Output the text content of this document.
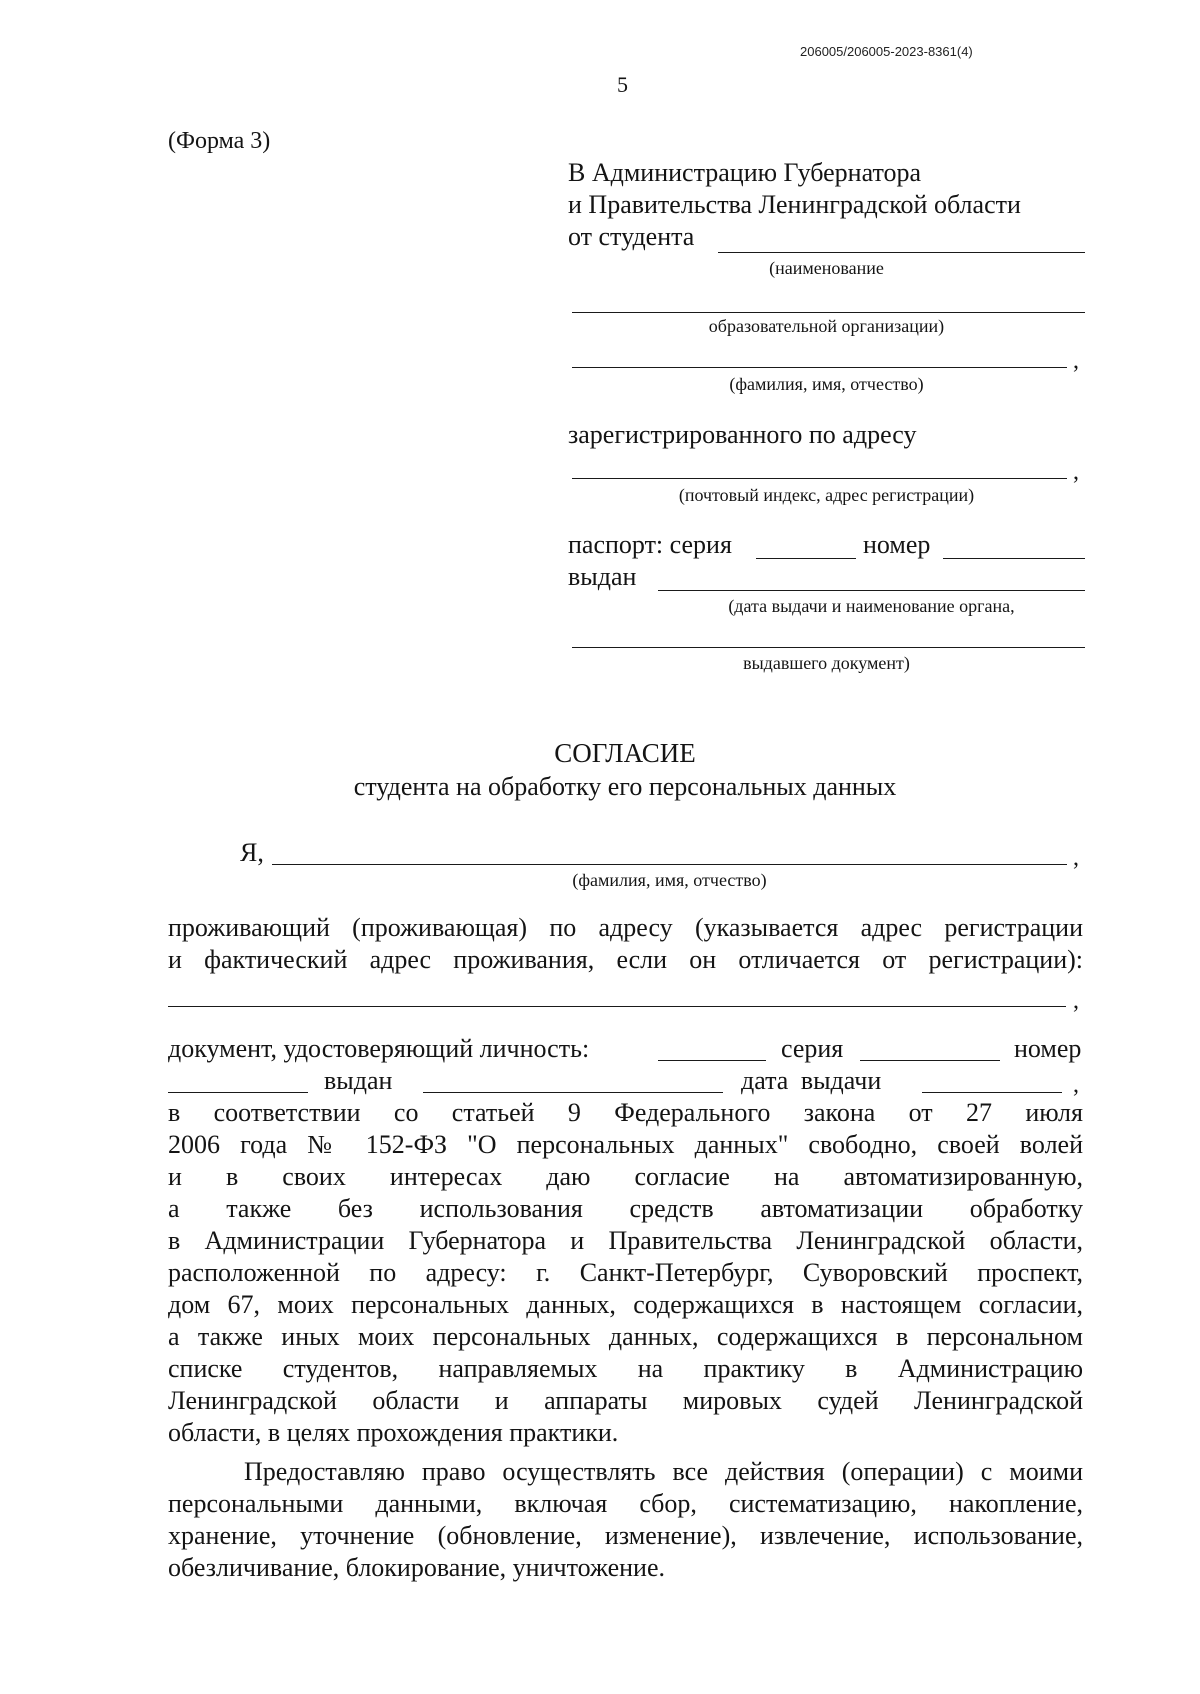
206005/206005-2023-8361(4)
5
(Форма 3)
В Администрацию Губернатора
и Правительства Ленинградской области
от студента
(наименование
образовательной организации)
,
(фамилия, имя, отчество)
зарегистрированного по адресу
,
(почтовый индекс, адрес регистрации)
паспорт: серия	номер
выдан
(дата выдачи и наименование органа,
выдавшего документ)
СОГЛАСИЕ
студента на обработку его персональных данных
Я,	,
(фамилия, имя, отчество)
проживающий (проживающая) по адресу (указывается адрес регистрации
и фактический адрес проживания, если он отличается от регистрации):
,
документ, удостоверяющий личность:	серия	номер
выдан	дата выдачи	,
в соответствии со статьей 9 Федерального закона от 27 июля
2006 года № 152-ФЗ "О персональных данных" свободно, своей волей
и в своих интересах даю согласие на автоматизированную,
а также без использования средств автоматизации обработку
в Администрации Губернатора и Правительства Ленинградской области,
расположенной по адресу: г. Санкт-Петербург, Суворовский проспект,
дом 67, моих персональных данных, содержащихся в настоящем согласии,
а также иных моих персональных данных, содержащихся в персональном
списке студентов, направляемых на практику в Администрацию
Ленинградской области и аппараты мировых судей Ленинградской
области, в целях прохождения практики.
Предоставляю право осуществлять все действия (операции) с моими
персональными данными, включая сбор, систематизацию, накопление,
хранение, уточнение (обновление, изменение), извлечение, использование,
обезличивание, блокирование, уничтожение.
